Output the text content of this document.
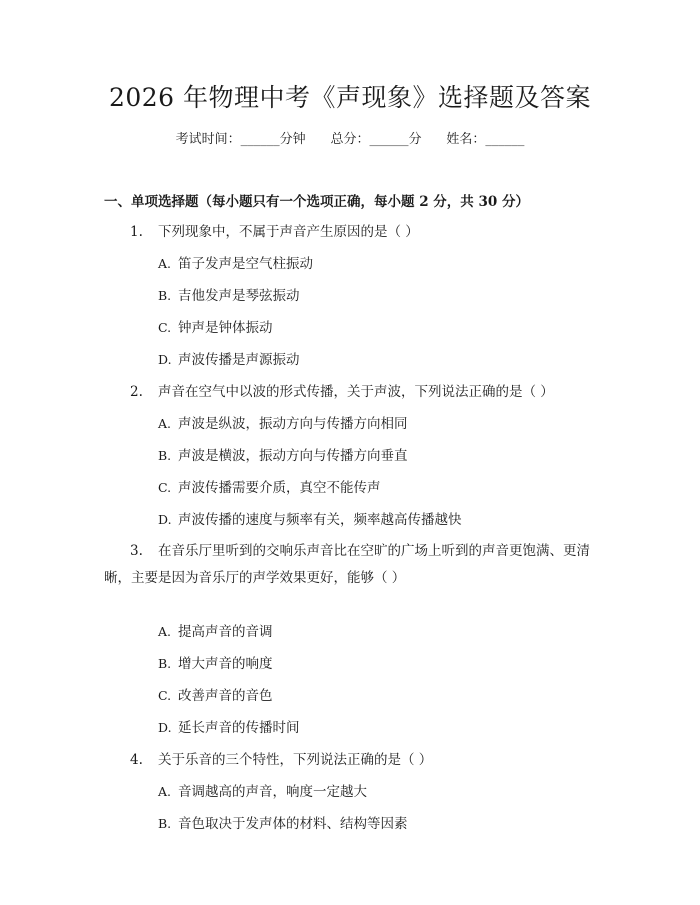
2026 年物理中考《声现象》选择题及答案
考试时间：______分钟 总分：______分 姓名：______
一、单项选择题（每小题只有一个选项正确，每小题 2 分，共 30 分）
1. 下列现象中，不属于声音产生原因的是（ ）
A. 笛子发声是空气柱振动
B. 吉他发声是琴弦振动
C. 钟声是钟体振动
D. 声波传播是声源振动
2. 声音在空气中以波的形式传播，关于声波，下列说法正确的是（ ）
A. 声波是纵波，振动方向与传播方向相同
B. 声波是横波，振动方向与传播方向垂直
C. 声波传播需要介质，真空不能传声
D. 声波传播的速度与频率有关，频率越高传播越快
3. 在音乐厅里听到的交响乐声音比在空旷的广场上听到的声音更饱满、更清晰，主要是因为音乐厅的声学效果更好，能够（ ）
A. 提高声音的音调
B. 增大声音的响度
C. 改善声音的音色
D. 延长声音的传播时间
4. 关于乐音的三个特性，下列说法正确的是（ ）
A. 音调越高的声音，响度一定越大
B. 音色取决于发声体的材料、结构等因素
